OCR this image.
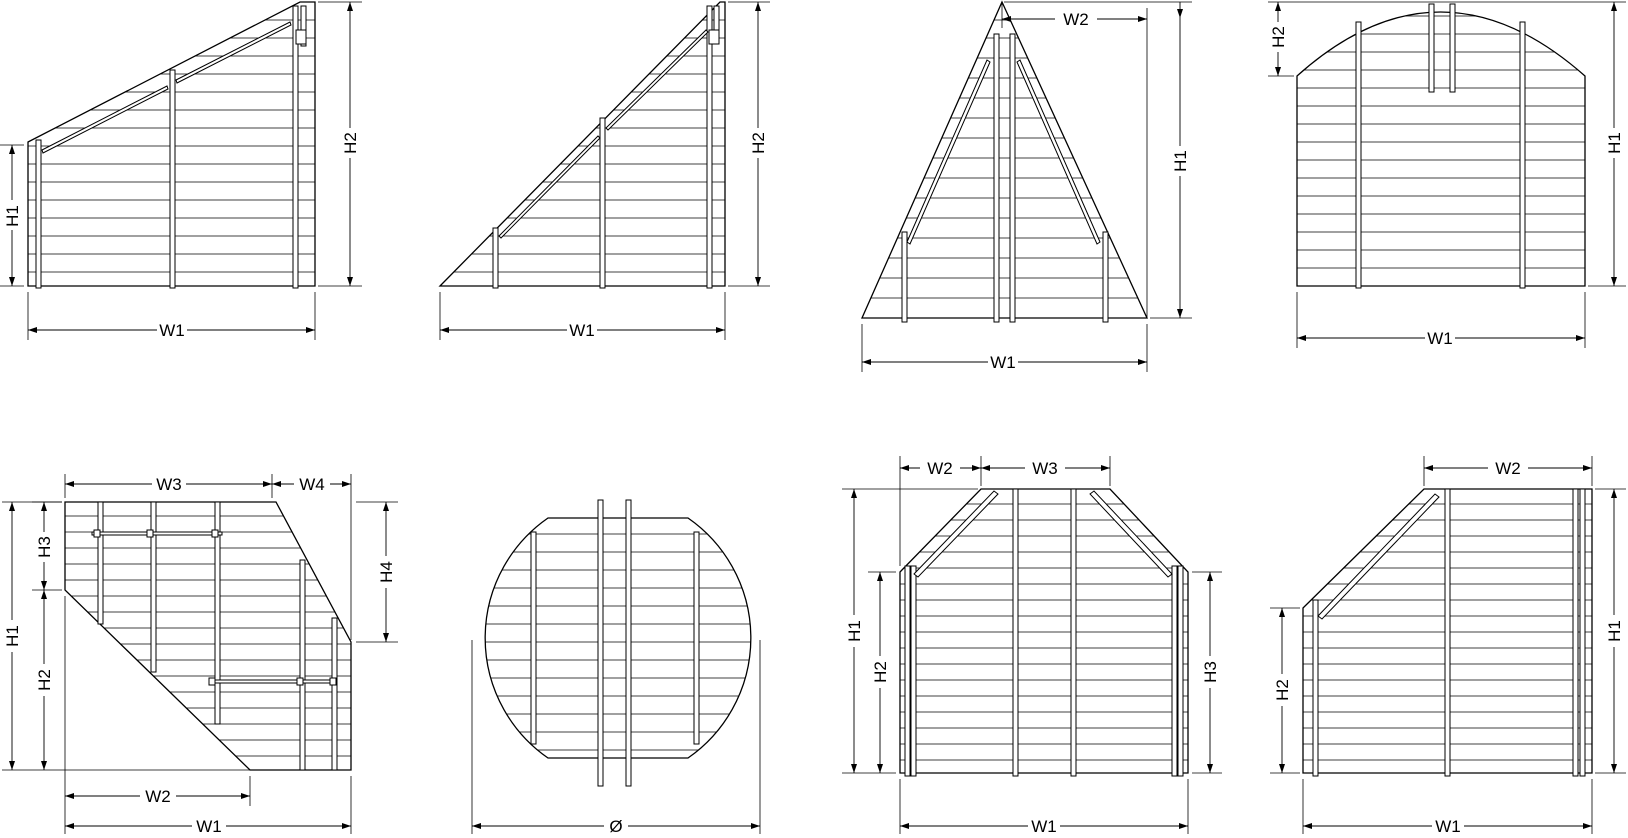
W1
H1
H2
W1
H2
W1
W2
H1
W1
H2
H1
W3	W4
H4
H3
H2
H1
W2
W1	Ø
W2	W3
H1
H2	H3
W1
W2
H2
H1
W1
